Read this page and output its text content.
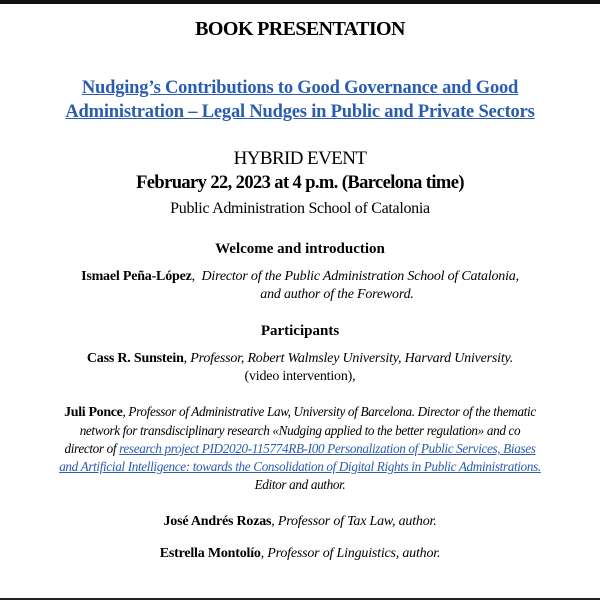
BOOK PRESENTATION
Nudging’s Contributions to Good Governance and Good
Administration – Legal Nudges in Public and Private Sectors
HYBRID EVENT
February 22, 2023 at 4 p.m. (Barcelona time)
Public Administration School of Catalonia
Welcome and introduction
Ismael Peña-López,  Director of the Public Administration School of Catalonia,
and author of the Foreword.
Participants
Cass R. Sunstein, Professor, Robert Walmsley University, Harvard University.
(video intervention),
Juli Ponce, Professor of Administrative Law, University of Barcelona. Director of the thematic
network for transdisciplinary research «Nudging applied to the better regulation» and co
director of research project PID2020-115774RB-I00 Personalization of Public Services, Biases
and Artificial Intelligence: towards the Consolidation of Digital Rights in Public Administrations.
Editor and author.
José Andrés Rozas, Professor of Tax Law, author.
Estrella Montolío, Professor of Linguistics, author.
